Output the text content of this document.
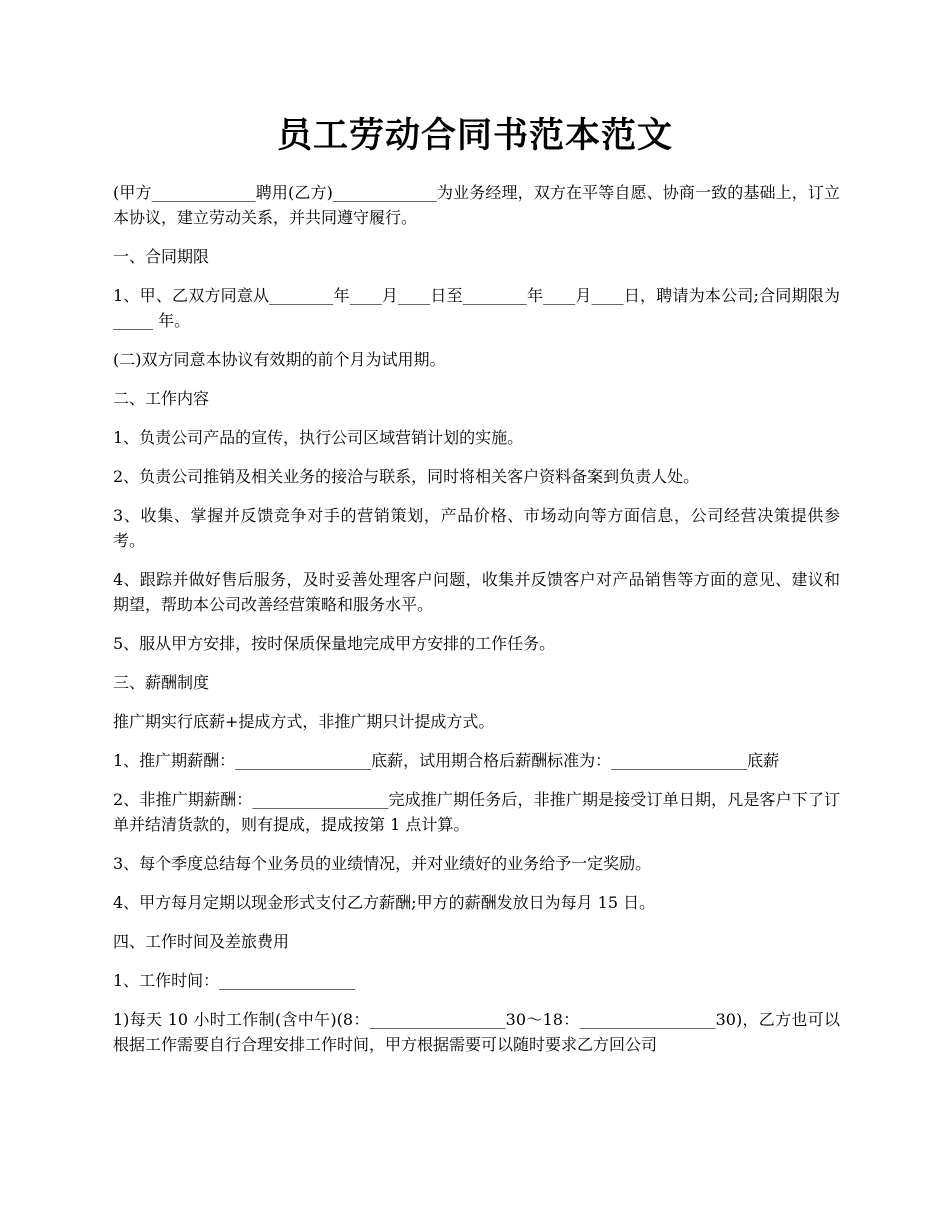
员工劳动合同书范本范文

(甲方_____________聘用(乙方)_____________为业务经理，双方在平等自愿、协商一致的基础上，订立本协议，建立劳动关系，并共同遵守履行。

一、合同期限

1、甲、乙双方同意从________年____月____日至________年____月____日，聘请为本公司;合同期限为 _____ 年。

(二)双方同意本协议有效期的前个月为试用期。

二、工作内容

1、负责公司产品的宣传，执行公司区域营销计划的实施。

2、负责公司推销及相关业务的接洽与联系，同时将相关客户资料备案到负责人处。

3、收集、掌握并反馈竞争对手的营销策划，产品价格、市场动向等方面信息，公司经营决策提供参考。

4、跟踪并做好售后服务，及时妥善处理客户问题，收集并反馈客户对产品销售等方面的意见、建议和期望，帮助本公司改善经营策略和服务水平。

5、服从甲方安排，按时保质保量地完成甲方安排的工作任务。

三、薪酬制度

推广期实行底薪+提成方式，非推广期只计提成方式。

1、推广期薪酬：_________________底薪，试用期合格后薪酬标准为：_________________底薪

2、非推广期薪酬：_________________完成推广期任务后，非推广期是接受订单日期，凡是客户下了订单并结清货款的，则有提成，提成按第 1 点计算。

3、每个季度总结每个业务员的业绩情况，并对业绩好的业务给予一定奖励。

4、甲方每月定期以现金形式支付乙方薪酬;甲方的薪酬发放日为每月 15 日。

四、工作时间及差旅费用

1、工作时间：_________________

1)每天 10 小时工作制(含中午)(8：_________________30～18：_________________30)，乙方也可以根据工作需要自行合理安排工作时间，甲方根据需要可以随时要求乙方回公司
